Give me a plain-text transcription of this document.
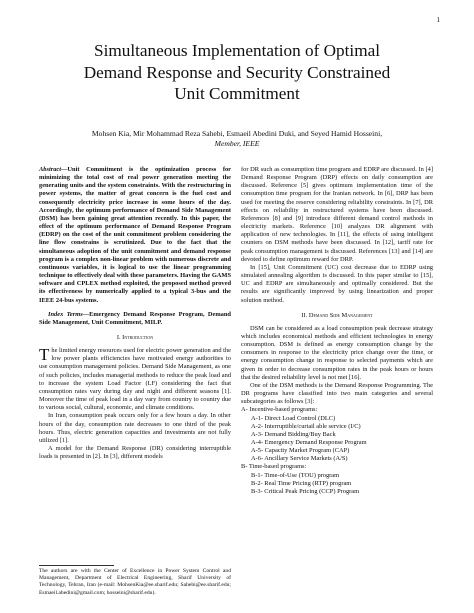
1
Simultaneous Implementation of Optimal
Demand Response and Security Constrained
Unit Commitment
Mohsen Kia, Mir Mohammad Reza Sahebi, Esmaeil Abedini Duki, and Seyed Hamid Hosseini,
Member, IEEE

Abstract—Unit Commitment is the optimization process for minimizing the total cost of real power generation meeting the generating units and the system constraints. With the restructuring in power systems, the matter of great concern is the fuel cost and consequently electricity price increase in some hours of the day. Accordingly, the optimum performance of Demand Side Management (DSM) has been gaining great attention recently. In this paper, the effect of the optimum performance of Demand Response Program (EDRP) on the cost of the unit commitment problem considering the line flow constrains is scrutinized. Due to the fact that the simultaneous adoption of the unit commitment and demand response program is a complex non-linear problem with numerous discrete and continuous variables, it is logical to use the linear programming technique to effectively deal with these parameters. Having the GAMS software and CPLEX method exploited, the proposed method proved its effectiveness by numerically applied to a typical 3-bus and the IEEE 24-bus systems.

Index Terms—Emergency Demand Response Program, Demand Side Management, Unit Commitment, MILP.

I. Introduction

The limited energy resources used for electric power generation and the low power plants efficiencies have motivated energy authorities to use consumption management policies. Demand Side Management, as one of such policies, includes managerial methods to reduce the peak load and to increase the system Load Factor (LF) considering the fact that consumption rates vary during day and night and different seasons [1]. Moreover the time of peak load in a day vary from country to country due to various social, cultural, economic, and climate conditions.

In Iran, consumption peak occurs only for a few hours a day. In other hours of the day, consumption rate decreases to one third of the peak hours. Thus, electric generation capacities and investments are not fully utilized [1].

A model for the Demand Response (DR) considering interruptible loads is presented in [2]. In [3], different models

The authors are with the Center of Excellence in Power System Control and Management, Department of Electrical Engineering, Sharif University of Technology, Tehran, Iran (e-mail: MohsenKia@ee.sharif.edu; Sahebi@ee.sharif.edu; Esmaeil.abedini@gmail.com; hosseini@sharif.edu).

for DR such as consumption time program and EDRP are discussed. In [4] Demand Response Program (DRP) effects on daily consumption are discussed. Reference [5] gives optimum implementation time of the consumption time program for the Iranian network. In [6], DRP has been used for meeting the reserve considering reliability constraints. In [7], DR effects on reliability in restructured systems have been discussed. References [8] and [9] introduce different demand control methods in electricity markets. Reference [10] analyzes DR alignment with application of new technologies. In [11], the effects of using intelligent counters on DSM methods have been discussed. In [12], tariff rate for peak consumption management is discussed. References [13] and [14] are devoted to define optimum reward for DRP.

In [15], Unit Commitment (UC) cost decrease due to EDRP using simulated annealing algorithm is discussed. In this paper similar to [15], UC and EDRP are simultaneously and optimally considered. But the results are significantly improved by using linearization and proper solution method.

II. Demand Side Management

DSM can be considered as a load consumption peak decrease strategy which includes economical methods and efficient technologies in energy consumption. DSM is defined as energy consumption change by the consumers in response to the electricity price change over the time, or energy consumption change in response to selected payments which are given in order to decrease consumption rates in the peak hours or hours that the desired reliability level is not met [16].

One of the DSM methods is the Demand Response Programming. The DR programs have classified into two main categories and several subcategories as follows [3]:

A- Incentive-based programs:
A-1- Direct Load Control (DLC)
A-2- Interruptible/curtail able service (I/C)
A-3- Demand Bidding/Buy Back
A-4- Emergency Demand Response Program
A-5- Capacity Market Program (CAP)
A-6- Ancillary Service Markets (A/S)
B- Time-based programs:
B-1- Time-of-Use (TOU) program
B-2- Real Time Pricing (RTP) program
B-3- Critical Peak Pricing (CCP) Program
